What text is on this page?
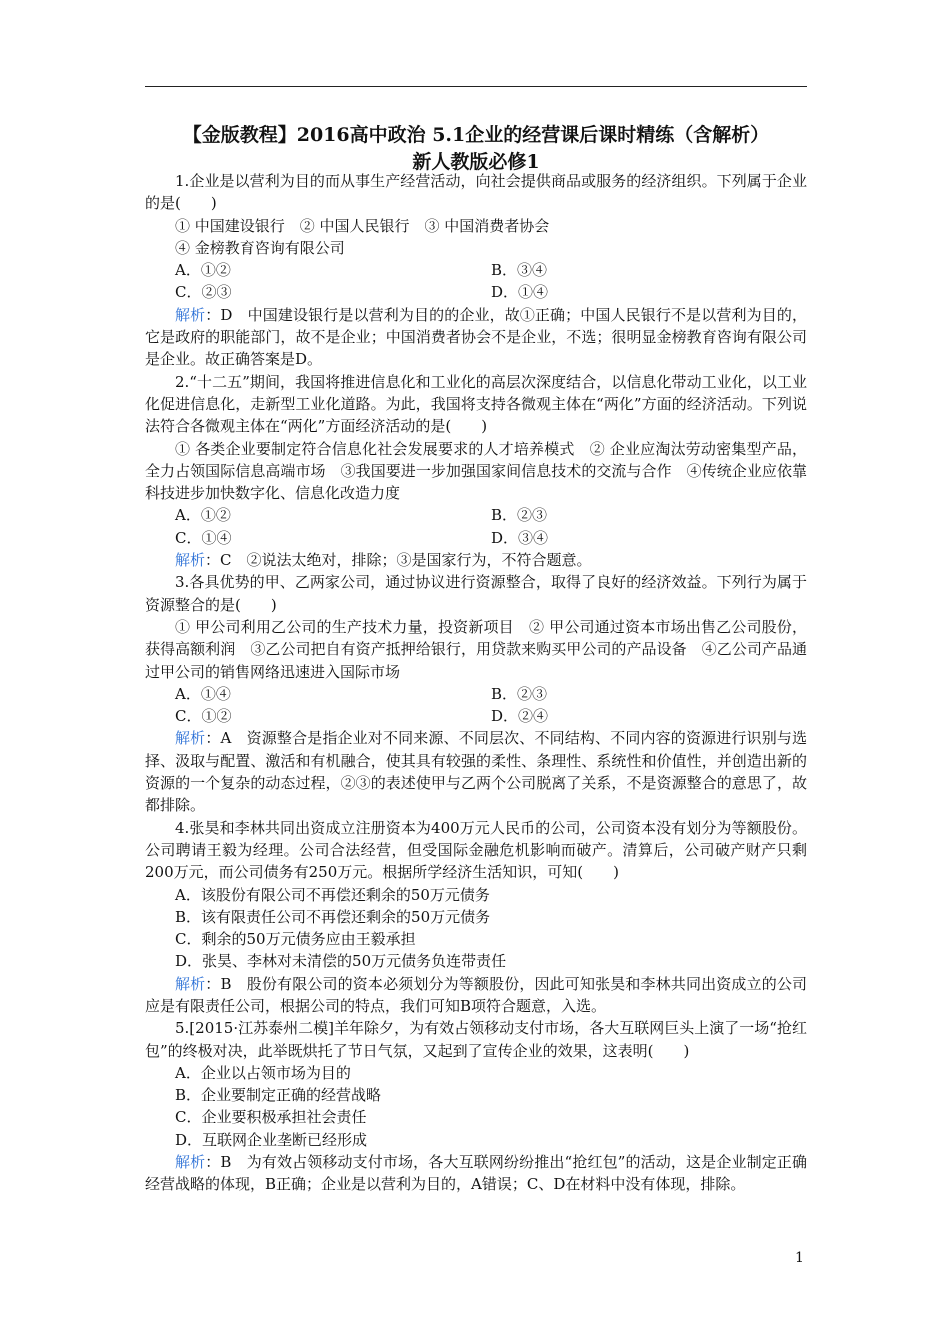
【金版教程】2016高中政治 5.1企业的经营课后课时精练（含解析）
新人教版必修1

1.企业是以营利为目的而从事生产经营活动，向社会提供商品或服务的经济组织。下列属于企业的是(　　)

① 中国建设银行　② 中国人民银行　③ 中国消费者协会

④ 金榜教育咨询有限公司

A．①②	B．③④
C．②③	D．①④

解析：D　中国建设银行是以营利为目的的企业，故①正确；中国人民银行不是以营利为目的，它是政府的职能部门，故不是企业；中国消费者协会不是企业，不选；很明显金榜教育咨询有限公司是企业。故正确答案是D。

2.“十二五”期间，我国将推进信息化和工业化的高层次深度结合，以信息化带动工业化，以工业化促进信息化，走新型工业化道路。为此，我国将支持各微观主体在“两化”方面的经济活动。下列说法符合各微观主体在“两化”方面经济活动的是(　　)

① 各类企业要制定符合信息化社会发展要求的人才培养模式　② 企业应淘汰劳动密集型产品，全力占领国际信息高端市场　③我国要进一步加强国家间信息技术的交流与合作　④传统企业应依靠科技进步加快数字化、信息化改造力度

A．①②	B．②③
C．①④	D．③④

解析：C　②说法太绝对，排除；③是国家行为，不符合题意。

3.各具优势的甲、乙两家公司，通过协议进行资源整合，取得了良好的经济效益。下列行为属于资源整合的是(　　)

① 甲公司利用乙公司的生产技术力量，投资新项目　② 甲公司通过资本市场出售乙公司股份，获得高额利润　③乙公司把自有资产抵押给银行，用贷款来购买甲公司的产品设备　④乙公司产品通过甲公司的销售网络迅速进入国际市场

A．①④	B．②③
C．①②	D．②④

解析：A　资源整合是指企业对不同来源、不同层次、不同结构、不同内容的资源进行识别与选择、汲取与配置、激活和有机融合，使其具有较强的柔性、条理性、系统性和价值性，并创造出新的资源的一个复杂的动态过程，②③的表述使甲与乙两个公司脱离了关系，不是资源整合的意思了，故都排除。

4.张昊和李林共同出资成立注册资本为400万元人民币的公司，公司资本没有划分为等额股份。公司聘请王毅为经理。公司合法经营，但受国际金融危机影响而破产。清算后，公司破产财产只剩200万元，而公司债务有250万元。根据所学经济生活知识，可知(　　)

A．该股份有限公司不再偿还剩余的50万元债务

B．该有限责任公司不再偿还剩余的50万元债务

C．剩余的50万元债务应由王毅承担

D．张昊、李林对未清偿的50万元债务负连带责任

解析：B　股份有限公司的资本必须划分为等额股份，因此可知张昊和李林共同出资成立的公司应是有限责任公司，根据公司的特点，我们可知B项符合题意，入选。

5.[2015·江苏泰州二模]羊年除夕，为有效占领移动支付市场，各大互联网巨头上演了一场“抢红包”的终极对决，此举既烘托了节日气氛，又起到了宣传企业的效果，这表明(　　)

A．企业以占领市场为目的

B．企业要制定正确的经营战略

C．企业要积极承担社会责任

D．互联网企业垄断已经形成

解析：B　为有效占领移动支付市场，各大互联网纷纷推出“抢红包”的活动，这是企业制定正确经营战略的体现，B正确；企业是以营利为目的，A错误；C、D在材料中没有体现，排除。

1
